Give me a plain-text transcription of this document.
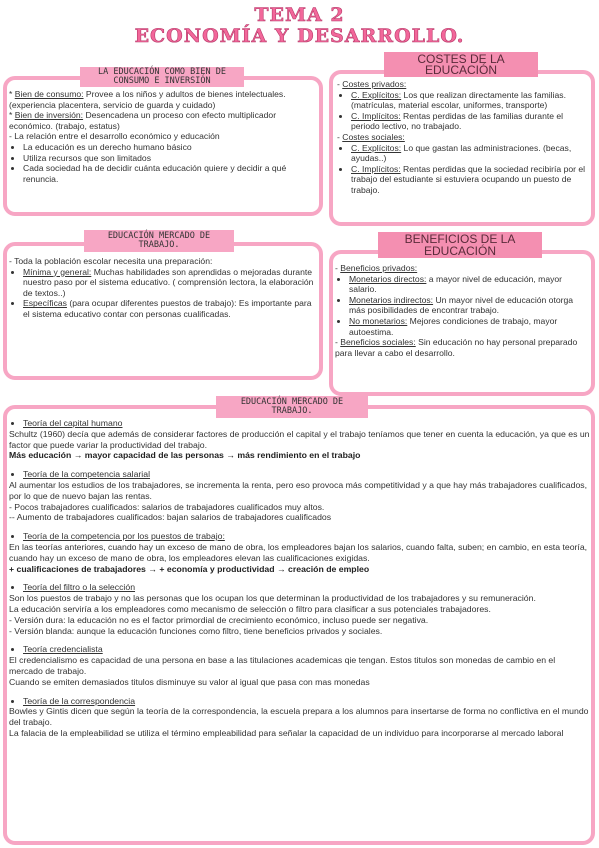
TEMA 2
ECONOMÍA Y DESARROLLO.
LA EDUCACIÓN COMO BIEN DE
CONSUMO E INVERSIÓN

* Bien de consumo: Provee a los niños y adultos de bienes intelectuales. (experiencia placentera, servicio de guarda y cuidado)

* Bien de inversión: Desencadena un proceso con efecto multiplicador económico. (trabajo, estatus)

- La relación entre el desarrollo económico y educación

• La educación es un derecho humano básico
• Utiliza recursos que son limitados
• Cada sociedad ha de decidir cuánta educación quiere y decidir a qué renuncia.
COSTES DE LA
EDUCACIÓN

- Costes privados:

• C. Explícitos: Los que realizan directamente las familias. (matrículas, material escolar, uniformes, transporte)
• C. Implícitos: Rentas perdidas de las familias durante el periodo lectivo, no trabajado.

- Costes sociales:

• C. Explícitos: Lo que gastan las administraciones. (becas, ayudas..)
• C. Implícitos: Rentas perdidas que la sociedad recibiría por el trabajo del estudiante si estuviera ocupando un puesto de trabajo.
EDUCACIÓN MERCADO DE
TRABAJO.

- Toda la población escolar necesita una preparación:

• Mínima y general: Muchas habilidades son aprendidas o mejoradas durante nuestro paso por el sistema educativo. ( comprensión lectora, la elaboración de textos..)
• Específicas (para ocupar diferentes puestos de trabajo): Es importante para el sistema educativo contar con personas cualificadas.
BENEFICIOS DE LA
EDUCACIÓN

- Beneficios privados:

• Monetarios directos: a mayor nivel de educación, mayor salario.
• Monetarios indirectos: Un mayor nivel de educación otorga más posibilidades de encontrar trabajo.
• No monetarios: Mejores condiciones de trabajo, mayor autoestima.

- Beneficios sociales: Sin educación no hay personal preparado para llevar a cabo el desarrollo.

EDUCACIÓN MERCADO DE
TRABAJO.
• Teoría del capital humano

Schultz (1960) decía que además de considerar factores de producción el capital y el trabajo teníamos que tener en cuenta la educación, ya que es un factor que puede variar la productividad del trabajo.

Más educación → mayor capacidad de las personas → más rendimiento en el trabajo

• Teoría de la competencia salarial

Al aumentar los estudios de los trabajadores, se incrementa la renta, pero eso provoca más competitividad y a que hay más trabajadores cualificados, por lo que de nuevo bajan las rentas.

- Pocos trabajadores cualificados: salarios de trabajadores cualificados muy altos.

-- Aumento de trabajadores cualificados: bajan salarios de trabajadores cualificados

• Teoría de la competencia por los puestos de trabajo:

En las teorías anteriores, cuando hay un exceso de mano de obra, los empleadores bajan los salarios, cuando falta, suben; en cambio, en esta teoría, cuando hay un exceso de mano de obra, los empleadores elevan las cualificaciones exigidas.

+ cualificaciones de trabajadores → + economía y productividad → creación de empleo

• Teoría del filtro o la selección

Son los puestos de trabajo y no las personas que los ocupan los que determinan la productividad de los trabajadores y su remuneración.

La educación serviría a los empleadores como mecanismo de selección o filtro para clasificar a sus potenciales trabajadores.

- Versión dura: la educación no es el factor primordial de crecimiento económico, incluso puede ser negativa.

- Versión blanda: aunque la educación funciones como filtro, tiene beneficios privados y sociales.

• Teoría credencialista

El credencialismo es capacidad de una persona en base a las titulaciones academicas qie tengan. Estos titulos son monedas de cambio en el mercado de trabajo.

Cuando se emiten demasiados titulos disminuye su valor al igual que pasa con mas monedas

• Teoría de la correspondencia

Bowles y Gintis dicen que según la teoría de la correspondencia, la escuela prepara a los alumnos para insertarse de forma no conflictiva en el mundo del trabajo.

La falacia de la empleabilidad se utiliza el término empleabilidad para señalar la capacidad de un individuo para incorporarse al mercado laboral
